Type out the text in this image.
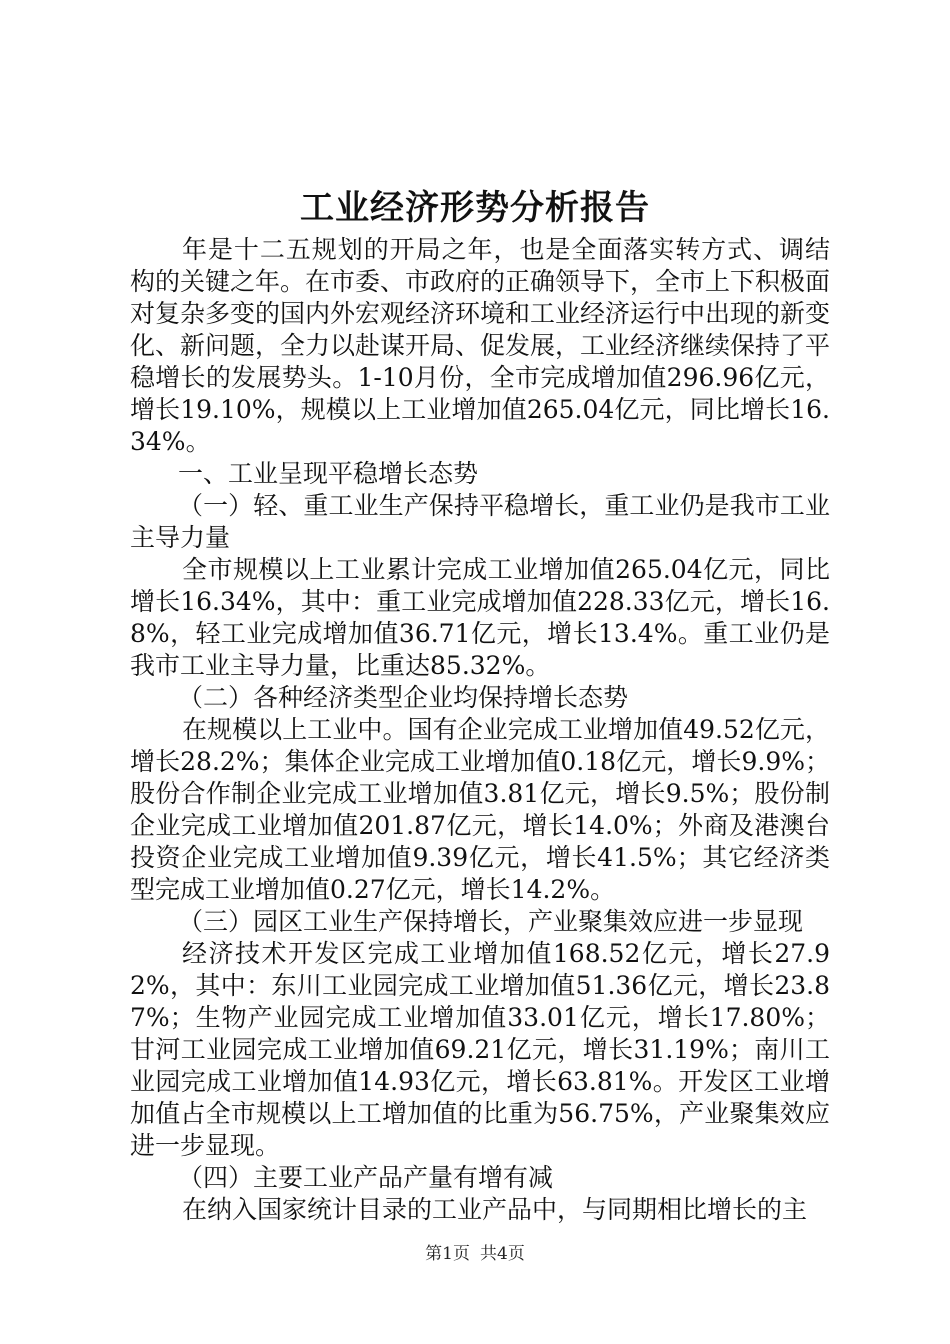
工业经济形势分析报告

年是十二五规划的开局之年，也是全面落实转方式、调结构的关键之年。在市委、市政府的正确领导下，全市上下积极面对复杂多变的国内外宏观经济环境和工业经济运行中出现的新变化、新问题，全力以赴谋开局、促发展，工业经济继续保持了平稳增长的发展势头。1-10月份，全市完成增加值296.96亿元，增长19.10%，规模以上工业增加值265.04亿元，同比增长16.34%。

一、工业呈现平稳增长态势

（一）轻、重工业生产保持平稳增长，重工业仍是我市工业主导力量

全市规模以上工业累计完成工业增加值265.04亿元，同比增长16.34%，其中：重工业完成增加值228.33亿元，增长16.8%，轻工业完成增加值36.71亿元，增长13.4%。重工业仍是我市工业主导力量，比重达85.32%。

（二）各种经济类型企业均保持增长态势

在规模以上工业中。国有企业完成工业增加值49.52亿元，增长28.2%；集体企业完成工业增加值0.18亿元，增长9.9%；股份合作制企业完成工业增加值3.81亿元，增长9.5%；股份制企业完成工业增加值201.87亿元，增长14.0%；外商及港澳台投资企业完成工业增加值9.39亿元，增长41.5%；其它经济类型完成工业增加值0.27亿元，增长14.2%。

（三）园区工业生产保持增长，产业聚集效应进一步显现

经济技术开发区完成工业增加值168.52亿元，增长27.92%，其中：东川工业园完成工业增加值51.36亿元，增长23.87%；生物产业园完成工业增加值33.01亿元，增长17.80%；甘河工业园完成工业增加值69.21亿元，增长31.19%；南川工业园完成工业增加值14.93亿元，增长63.81%。开发区工业增加值占全市规模以上工增加值的比重为56.75%，产业聚集效应进一步显现。

（四）主要工业产品产量有增有减

在纳入国家统计目录的工业产品中，与同期相比增长的主

第1页 共4页
